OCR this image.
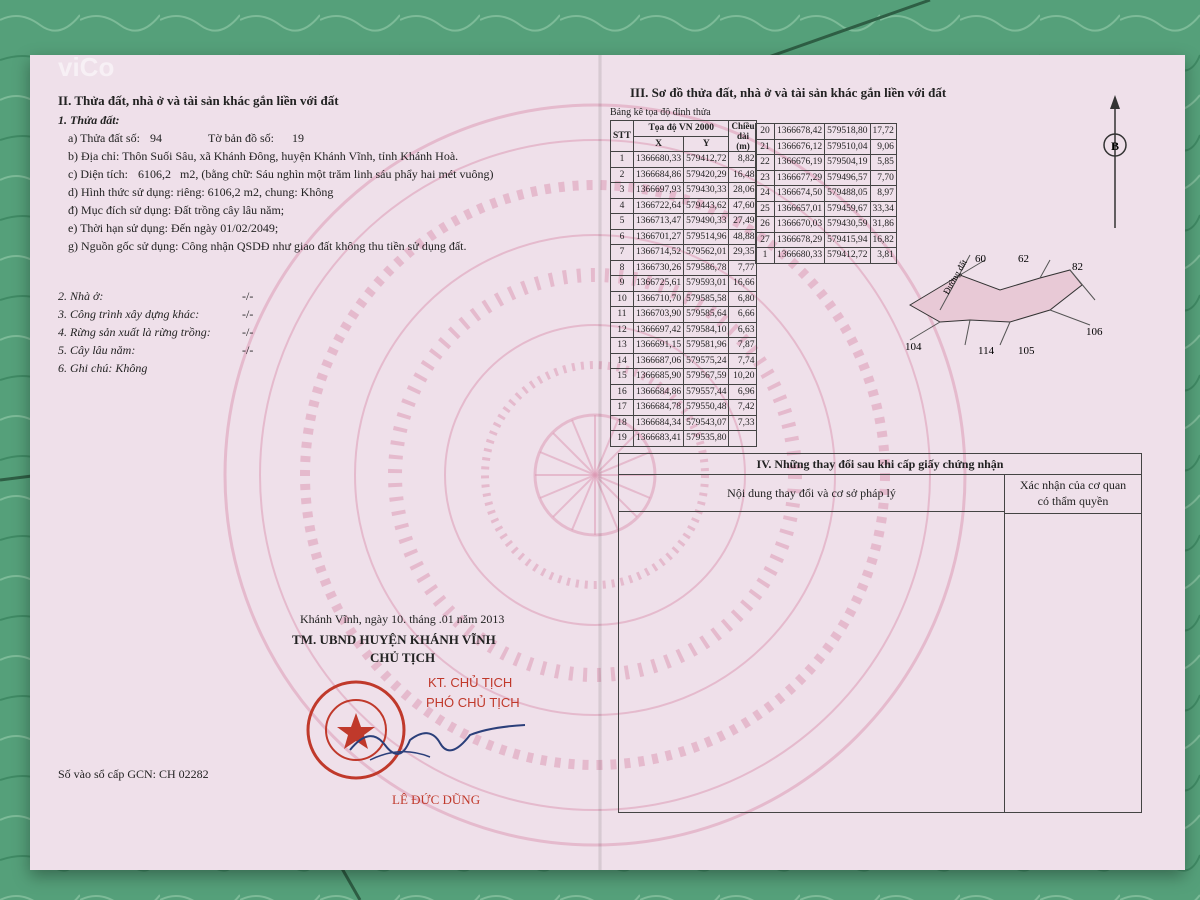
viCo
II. Thửa đất, nhà ở và tài sản khác gắn liền với đất
1. Thửa đất:
a) Thửa đất số: 94	Tờ bản đồ số: 19
b) Địa chỉ: Thôn Suối Sâu, xã Khánh Đông, huyện Khánh Vĩnh, tỉnh Khánh Hoà.
c) Diện tích: 6106,2 m2, (bằng chữ: Sáu nghìn một trăm linh sáu phẩy hai mét vuông)
d) Hình thức sử dụng: riêng: 6106,2 m2, chung: Không
đ) Mục đích sử dụng: Đất trồng cây lâu năm;
e) Thời hạn sử dụng: Đến ngày 01/02/2049;
g) Nguồn gốc sử dụng: Công nhận QSDĐ như giao đất không thu tiền sử dụng đất.
2. Nhà ở:	-/-
3. Công trình xây dựng khác:	-/-
4. Rừng sản xuất là rừng trồng:	-/-
5. Cây lâu năm:	-/-
6. Ghi chú: Không
Khánh Vĩnh, ngày 10. tháng .01 năm 2013
TM. UBND HUYỆN KHÁNH VĨNH
CHỦ TỊCH
KT. CHỦ TỊCH
PHÓ CHỦ TỊCH
LÊ ĐỨC DŨNG
Số vào sổ cấp GCN: CH 02282
III. Sơ đồ thửa đất, nhà ở và tài sản khác gắn liền với đất
Bảng kê tọa độ đỉnh thửa
STT	Tọa độ VN 2000		Chiều dài (m)
	X	Y	
1	1366680,33	579412,72	8,82
2	1366684,86	579420,29	16,48
3	1366697,93	579430,33	28,06
4	1366722,64	579443,62	47,60
5	1366713,47	579490,33	27,49
6	1366701,27	579514,96	48,88
7	1366714,52	579562,01	29,35
8	1366730,26	579586,78	7,77
9	1366725,61	579593,01	16,66
10	1366710,70	579585,58	6,80
11	1366703,90	579585,64	6,66
12	1366697,42	579584,10	6,63
13	1366691,15	579581,96	7,87
14	1366687,06	579575,24	7,74
15	1366685,90	579567,59	10,20
16	1366684,86	579557,44	6,96
17	1366684,78	579550,48	7,42
18	1366684,34	579543,07	7,33
19	1366683,41	579535,80	
20	1366678,42	579518,80	17,72
21	1366676,12	579510,04	9,06
22	1366676,19	579504,19	5,85
23	1366677,29	579496,57	7,70
24	1366674,50	579488,05	8,97
25	1366657,01	579459,67	33,34
26	1366670,03	579430,59	31,86
27	1366678,29	579415,94	16,82
1	1366680,33	579412,72	3,81
B
Đường đất 60	62
82
104	114 105
106
IV. Những thay đổi sau khi cấp giấy chứng nhận
Nội dung thay đổi và cơ sở pháp lý
Xác nhận của cơ quan
có thẩm quyền
